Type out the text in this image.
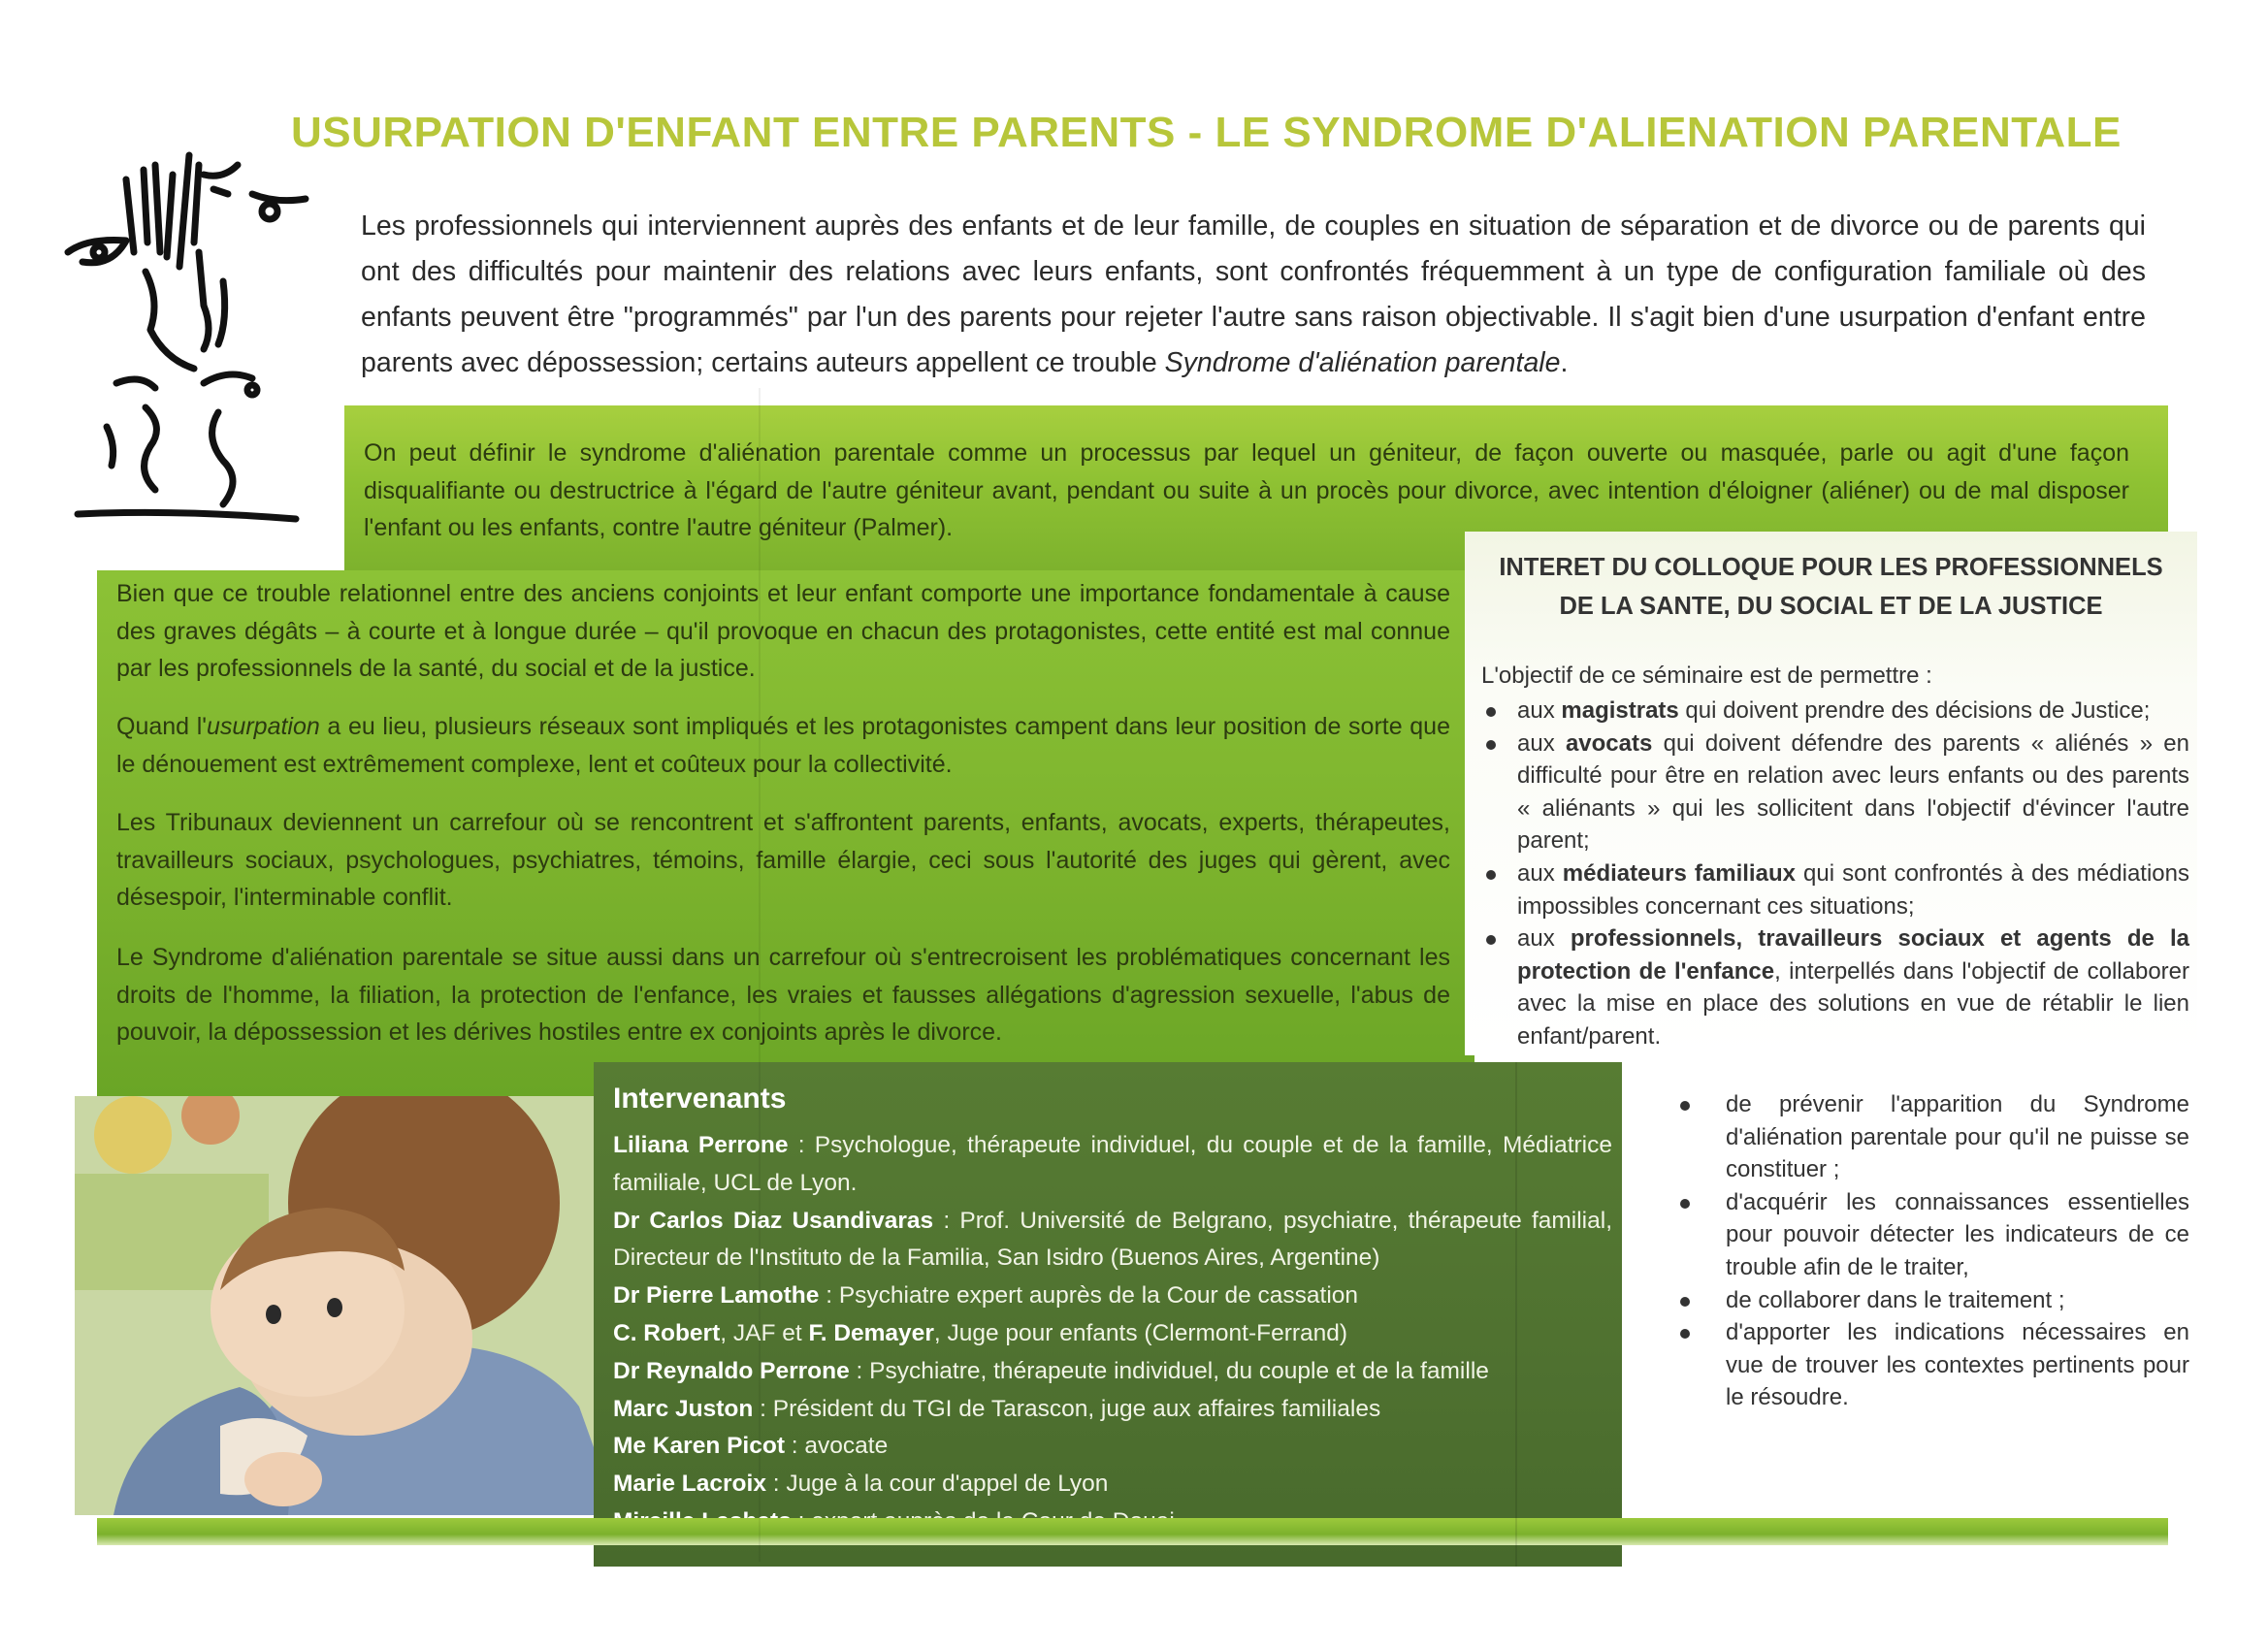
USURPATION D'ENFANT ENTRE PARENTS - LE SYNDROME D'ALIENATION PARENTALE
Les professionnels qui interviennent auprès des enfants et de leur famille, de couples en situation de séparation et de divorce ou de parents qui ont des difficultés pour maintenir des relations avec leurs enfants, sont confrontés fréquemment à un type de configuration familiale où des enfants peuvent être "programmés" par l'un des parents pour rejeter l'autre sans raison objectivable. Il s'agit bien d'une usurpation d'enfant entre parents avec dépossession; certains auteurs appellent ce trouble Syndrome d'aliénation parentale.
On peut définir le syndrome d'aliénation parentale comme un processus par lequel un géniteur, de façon ouverte ou masquée, parle ou agit d'une façon disqualifiante ou destructrice à l'égard de l'autre géniteur avant, pendant ou suite à un procès pour divorce, avec intention d'éloigner (aliéner) ou de mal disposer l'enfant ou les enfants, contre l'autre géniteur (Palmer).
Bien que ce trouble relationnel entre des anciens conjoints et leur enfant comporte une importance fondamentale à cause des graves dégâts – à courte et à longue durée – qu'il provoque en chacun des protagonistes, cette entité est mal connue par les professionnels de la santé, du social et de la justice.
Quand l'usurpation a eu lieu, plusieurs réseaux sont impliqués et les protagonistes campent dans leur position de sorte que le dénouement est extrêmement complexe, lent et coûteux pour la collectivité.
Les Tribunaux deviennent un carrefour où se rencontrent et s'affrontent parents, enfants, avocats, experts, thérapeutes, travailleurs sociaux, psychologues, psychiatres, témoins, famille élargie, ceci sous l'autorité des juges qui gèrent, avec désespoir, l'interminable conflit.
Le Syndrome d'aliénation parentale se situe aussi dans un carrefour où s'entrecroisent les problématiques concernant les droits de l'homme, la filiation, la protection de l'enfance, les vraies et fausses allégations d'agression sexuelle, l'abus de pouvoir, la dépossession et les dérives hostiles entre ex conjoints après le divorce.
INTERET DU COLLOQUE POUR LES PROFESSIONNELS DE LA SANTE, DU SOCIAL ET DE LA JUSTICE
L'objectif de ce séminaire est de permettre :
aux magistrats qui doivent prendre des décisions de Justice;
aux avocats qui doivent défendre des parents « aliénés » en difficulté pour être en relation avec leurs enfants ou des parents « aliénants » qui les sollicitent dans l'objectif d'évincer l'autre parent;
aux médiateurs familiaux qui sont confrontés à des médiations impossibles concernant ces situations;
aux professionnels, travailleurs sociaux et agents de la protection de l'enfance, interpellés dans l'objectif de collaborer avec la mise en place des solutions en vue de rétablir le lien enfant/parent.
de prévenir l'apparition du Syndrome d'aliénation parentale pour qu'il ne puisse se constituer ;
d'acquérir les connaissances essentielles pour pouvoir détecter les indicateurs de ce trouble afin de le traiter,
de collaborer dans le traitement ;
d'apporter les indications nécessaires en vue de trouver les contextes pertinents pour le résoudre.
Intervenants
Liliana Perrone : Psychologue, thérapeute individuel, du couple et de la famille, Médiatrice familiale, UCL de Lyon.
Dr Carlos Diaz Usandivaras : Prof. Université de Belgrano, psychiatre, thérapeute familial, Directeur de l'Instituto de la Familia, San Isidro (Buenos Aires, Argentine)
Dr Pierre Lamothe : Psychiatre expert auprès de la Cour de cassation
C. Robert, JAF et F. Demayer, Juge pour enfants (Clermont-Ferrand)
Dr Reynaldo Perrone : Psychiatre, thérapeute individuel, du couple et de la famille
Marc Juston : Président du TGI de Tarascon, juge aux affaires familiales
Me Karen Picot : avocate
Marie Lacroix : Juge à la cour d'appel de Lyon
